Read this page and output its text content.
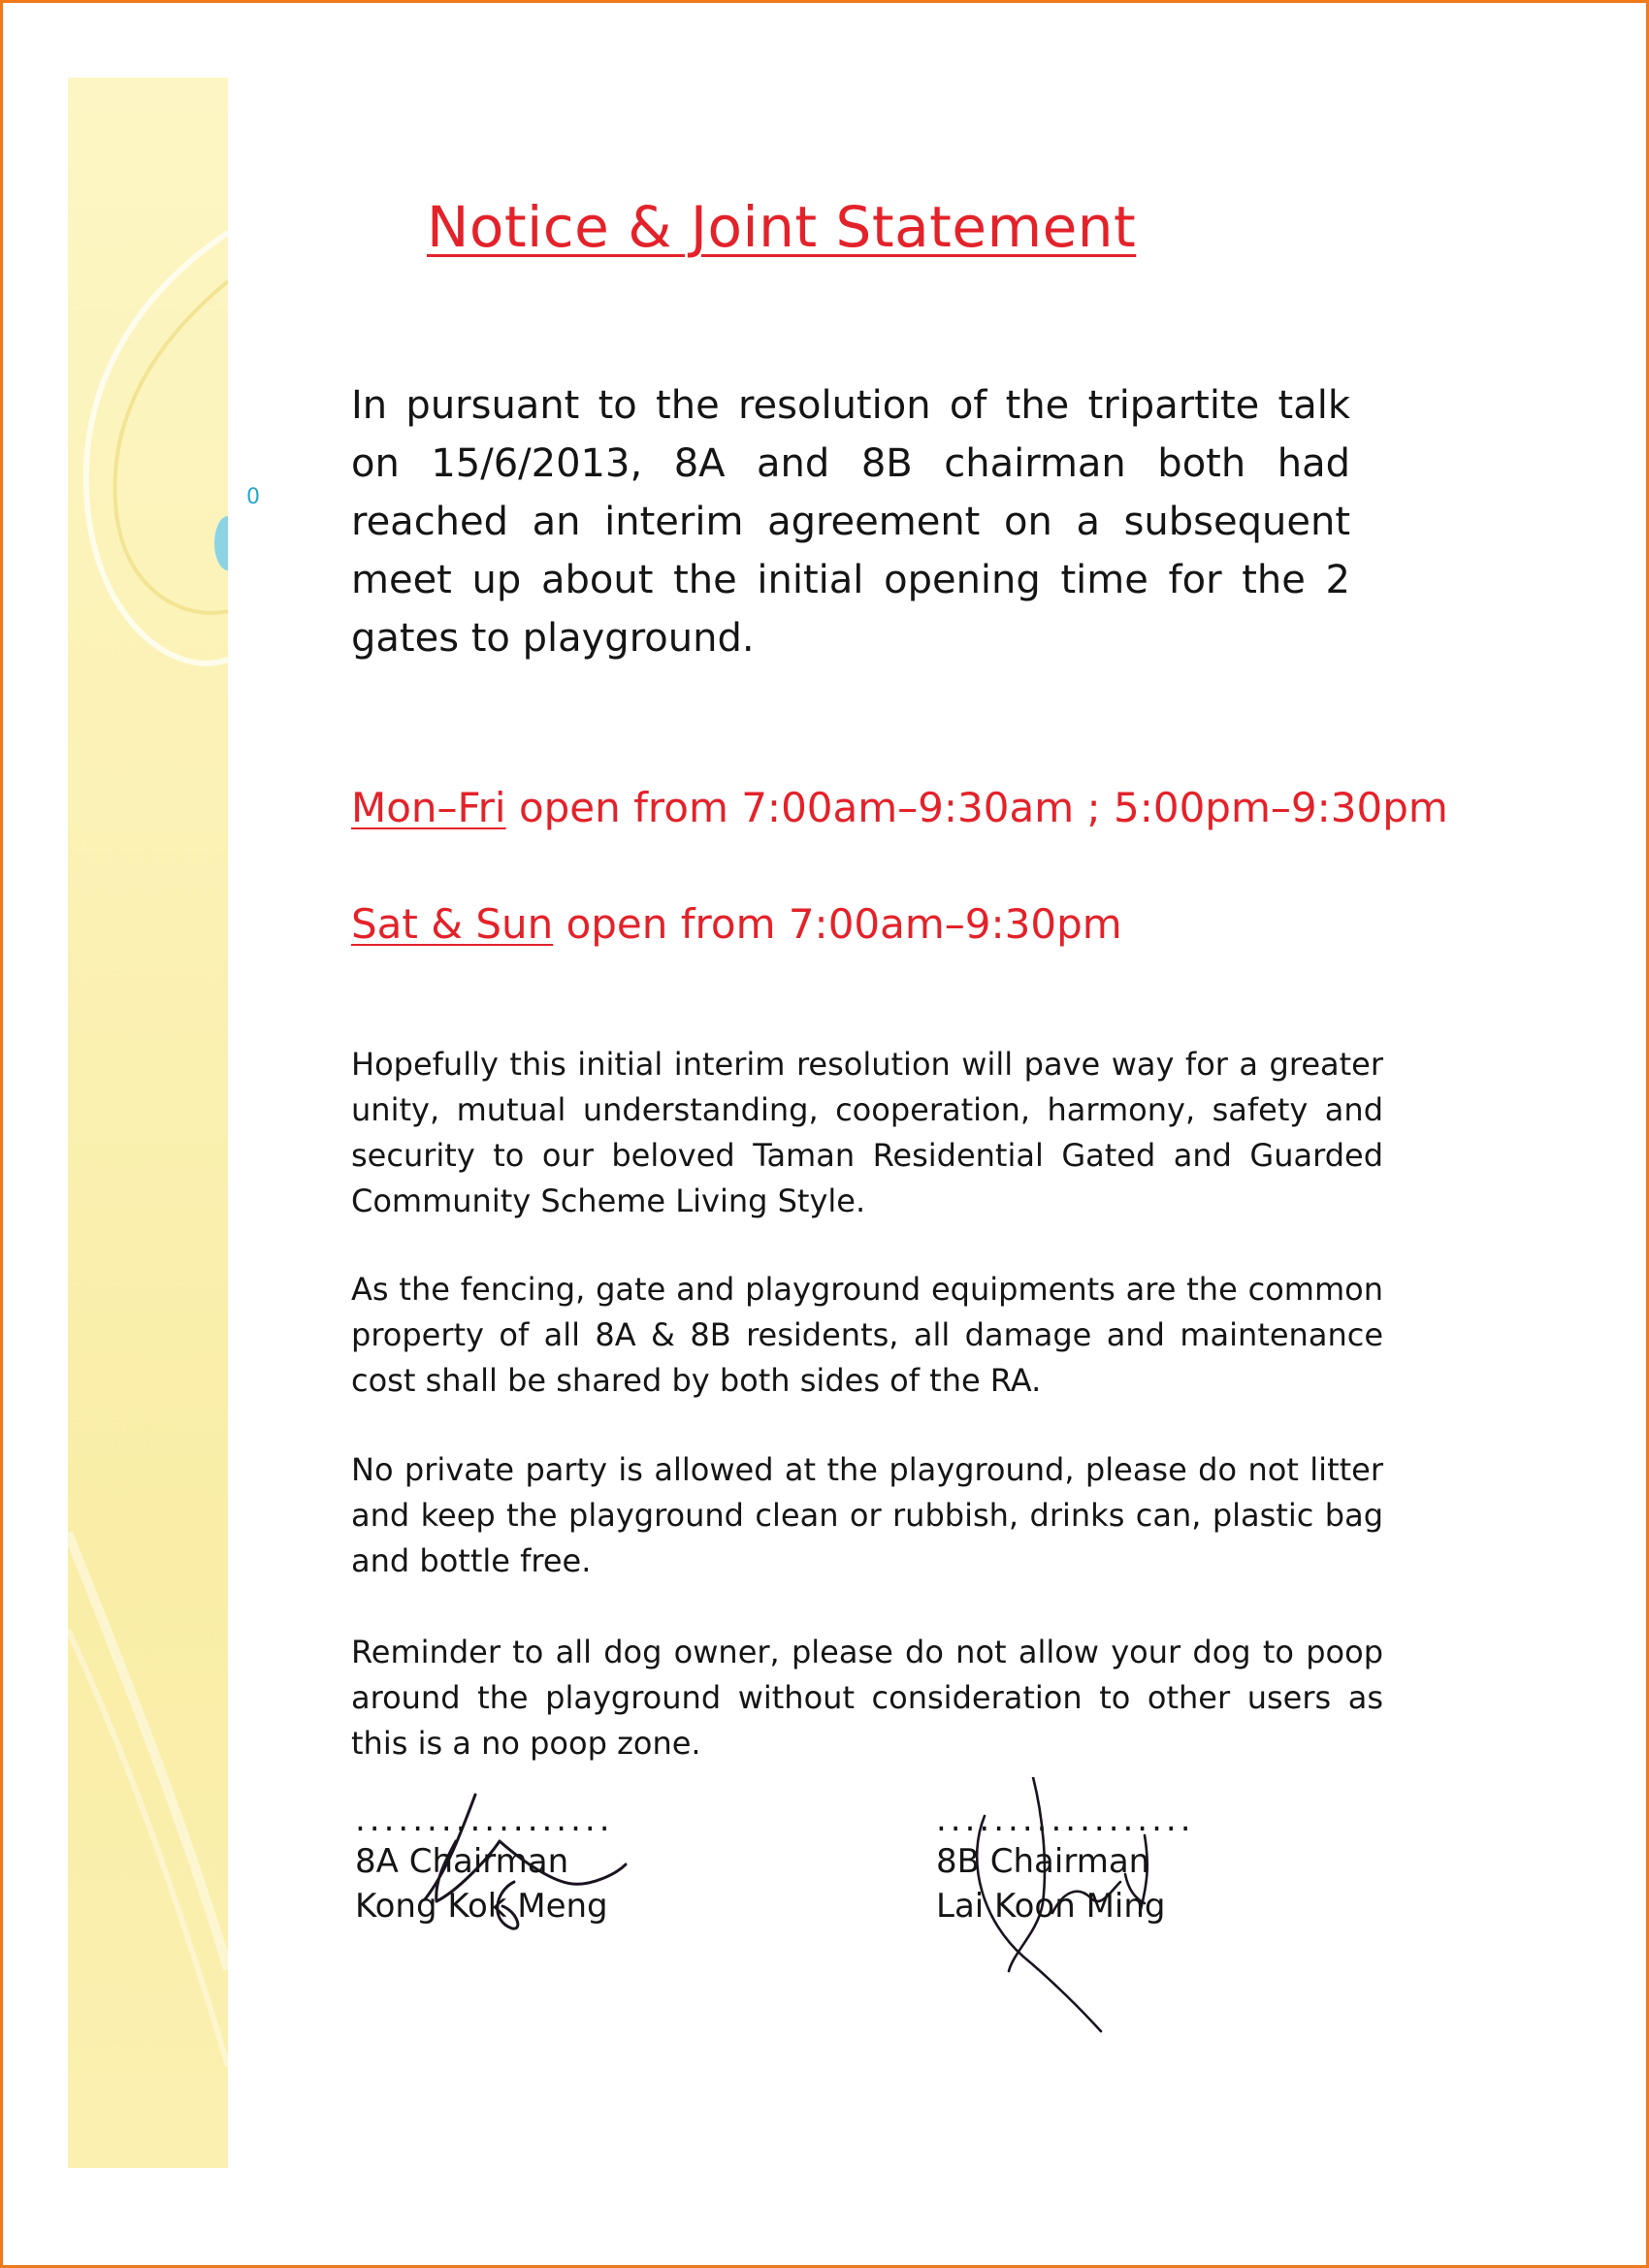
0
Notice & Joint Statement
In pursuant to the resolution of the tripartite talk on 15/6/2013, 8A and 8B chairman both had reached an interim agreement on a subsequent meet up about the initial opening time for the 2 gates to playground.
Mon–Fri open from 7:00am–9:30am ; 5:00pm–9:30pm
Sat & Sun open from 7:00am–9:30pm
Hopefully this initial interim resolution will pave way for a greater unity, mutual understanding, cooperation, harmony, safety and security to our beloved Taman Residential Gated and Guarded Community Scheme Living Style.
As the fencing, gate and playground equipments are the common property of all 8A & 8B residents, all damage and maintenance cost shall be shared by both sides of the RA.
No private party is allowed at the playground, please do not litter and keep the playground clean or rubbish, drinks can, plastic bag and bottle free.
Reminder to all dog owner, please do not allow your dog to poop around the playground without consideration to other users as this is a no poop zone.
..................
8A Chairman
Kong Kok Meng
..................
8B Chairman
Lai Koon Ming
